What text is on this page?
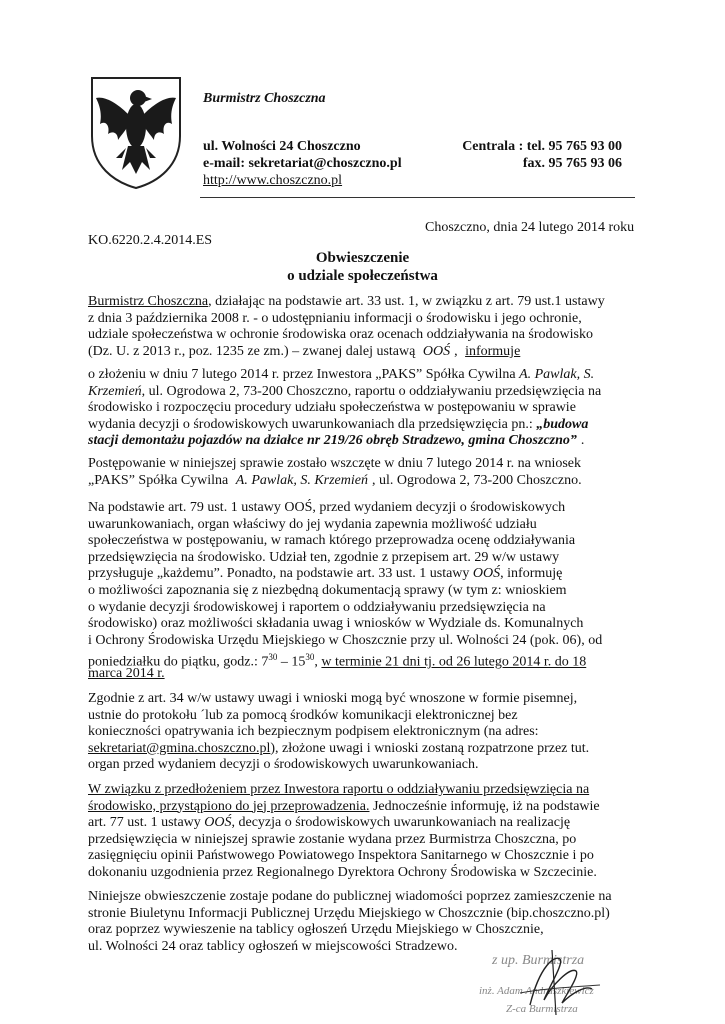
Burmistrz Choszczna
ul. Wolności 24 Choszczno
e-mail: sekretariat@choszczno.pl
http://www.choszczno.pl
Centrala : tel. 95 765 93 00
fax. 95 765 93 06
Choszczno, dnia 24 lutego 2014 roku
KO.6220.2.4.2014.ES
Obwieszczenie
o udziale społeczeństwa
Burmistrz Choszczna, działając na podstawie art. 33 ust. 1, w związku z art. 79 ust.1 ustawy
z dnia 3 października 2008 r. - o udostępnianiu informacji o środowisku i jego ochronie,
udziale społeczeństwa w ochronie środowiska oraz ocenach oddziaływania na środowisko
(Dz. U. z 2013 r., poz. 1235 ze zm.) – zwanej dalej ustawą OOŚ , informuje
o złożeniu w dniu 7 lutego 2014 r. przez Inwestora „PAKS” Spółka Cywilna A. Pawlak, S.
Krzemień, ul. Ogrodowa 2, 73-200 Choszczno, raportu o oddziaływaniu przedsięwzięcia na
środowisko i rozpoczęciu procedury udziału społeczeństwa w postępowaniu w sprawie
wydania decyzji o środowiskowych uwarunkowaniach dla przedsięwzięcia pn.: „budowa
stacji demontażu pojazdów na działce nr 219/26 obręb Stradzewo, gmina Choszczno” .
Postępowanie w niniejszej sprawie zostało wszczęte w dniu 7 lutego 2014 r. na wniosek
„PAKS” Spółka Cywilna A. Pawlak, S. Krzemień , ul. Ogrodowa 2, 73-200 Choszczno.
Na podstawie art. 79 ust. 1 ustawy OOŚ, przed wydaniem decyzji o środowiskowych
uwarunkowaniach, organ właściwy do jej wydania zapewnia możliwość udziału
społeczeństwa w postępowaniu, w ramach którego przeprowadza ocenę oddziaływania
przedsięwzięcia na środowisko. Udział ten, zgodnie z przepisem art. 29 w/w ustawy
przysługuje „każdemu”. Ponadto, na podstawie art. 33 ust. 1 ustawy OOŚ, informuję
o możliwości zapoznania się z niezbędną dokumentacją sprawy (w tym z: wnioskiem
o wydanie decyzji środowiskowej i raportem o oddziaływaniu przedsięwzięcia na
środowisko) oraz możliwości składania uwag i wniosków w Wydziale ds. Komunalnych
i Ochrony Środowiska Urzędu Miejskiego w Choszcznie przy ul. Wolności 24 (pok. 06), od
poniedziałku do piątku, godz.: $7^{30} - 15^{30}$, w terminie 21 dni tj. od 26 lutego 2014 r. do 18
marca 2014 r.
Zgodnie z art. 34 w/w ustawy uwagi i wnioski mogą być wnoszone w formie pisemnej,
ustnie do protokołu ´lub za pomocą środków komunikacji elektronicznej bez
konieczności opatrywania ich bezpiecznym podpisem elektronicznym (na adres:
sekretariat@gmina.choszczno.pl), złożone uwagi i wnioski zostaną rozpatrzone przez tut.
organ przed wydaniem decyzji o środowiskowych uwarunkowaniach.
W związku z przedłożeniem przez Inwestora raportu o oddziaływaniu przedsięwzięcia na
środowisko, przystąpiono do jej przeprowadzenia. Jednocześnie informuję, iż na podstawie
art. 77 ust. 1 ustawy OOŚ, decyzja o środowiskowych uwarunkowaniach na realizację
przedsięwzięcia w niniejszej sprawie zostanie wydana przez Burmistrza Choszczna, po
zasięgnięciu opinii Państwowego Powiatowego Inspektora Sanitarnego w Choszcznie i po
dokonaniu uzgodnienia przez Regionalnego Dyrektora Ochrony Środowiska w Szczecinie.
Niniejsze obwieszczenie zostaje podane do publicznej wiadomości poprzez zamieszczenie na
stronie Biuletynu Informacji Publicznej Urzędu Miejskiego w Choszcznie (bip.choszczno.pl)
oraz poprzez wywieszenie na tablicy ogłoszeń Urzędu Miejskiego w Choszcznie,
ul. Wolności 24 oraz tablicy ogłoszeń w miejscowości Stradzewo.
z up. Burmistrza
inż. Adam Andruszkiewicz
Z-ca Burmistrza
